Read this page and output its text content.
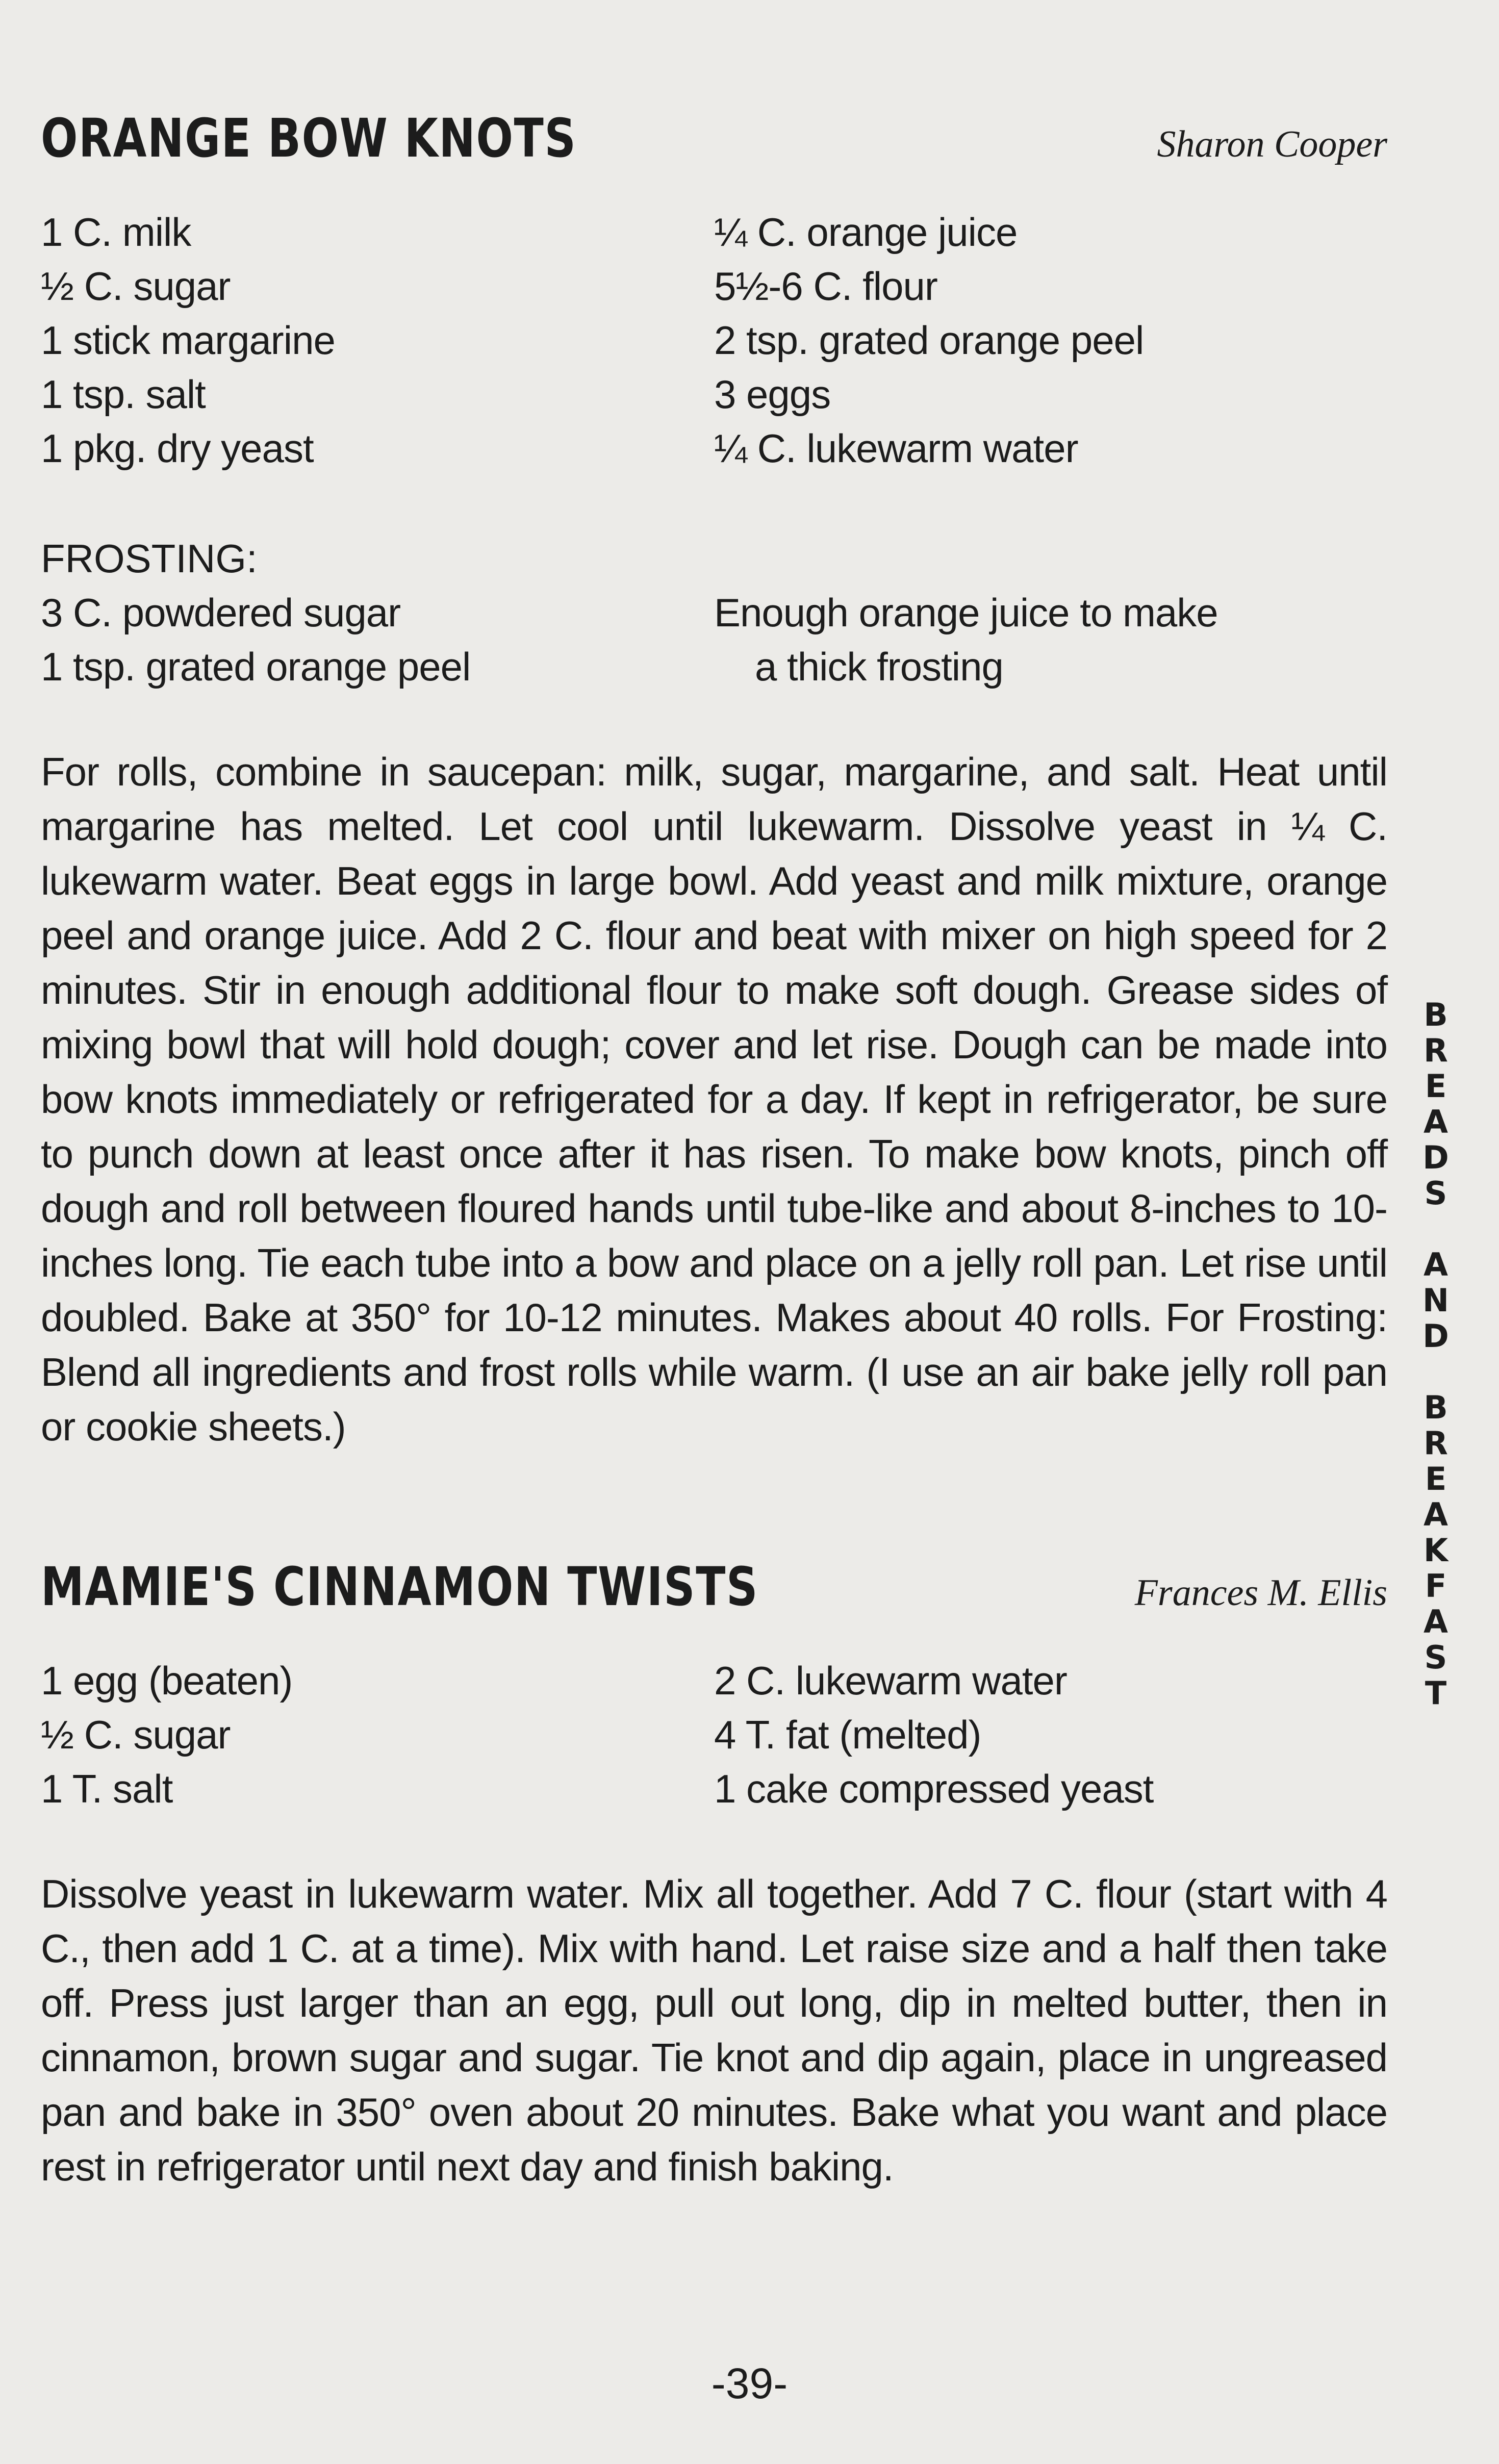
ORANGE BOW KNOTS	Sharon Cooper
1 C. milk
½ C. sugar
1 stick margarine
1 tsp. salt
1 pkg. dry yeast
¼ C. orange juice
5½-6 C. flour
2 tsp. grated orange peel
3 eggs
¼ C. lukewarm water
FROSTING:
3 C. powdered sugar
1 tsp. grated orange peel
Enough orange juice to make
a thick frosting
For rolls, combine in saucepan: milk, sugar, margarine, and salt. Heat until margarine has melted. Let cool until lukewarm. Dissolve yeast in ¼ C. lukewarm water. Beat eggs in large bowl. Add yeast and milk mixture, orange peel and orange juice. Add 2 C. flour and beat with mixer on high speed for 2 minutes. Stir in enough additional flour to make soft dough. Grease sides of mixing bowl that will hold dough; cover and let rise. Dough can be made into bow knots immediately or refrigerated for a day. If kept in refrigerator, be sure to punch down at least once after it has risen. To make bow knots, pinch off dough and roll between floured hands until tube-like and about 8-inches to 10-inches long. Tie each tube into a bow and place on a jelly roll pan. Let rise until doubled. Bake at 350° for 10-12 minutes. Makes about 40 rolls. For Frosting: Blend all ingredients and frost rolls while warm. (I use an air bake jelly roll pan or cookie sheets.)
MAMIE'S CINNAMON TWISTS	Frances M. Ellis
1 egg (beaten)
½ C. sugar
1 T. salt
2 C. lukewarm water
4 T. fat (melted)
1 cake compressed yeast
Dissolve yeast in lukewarm water. Mix all together. Add 7 C. flour (start with 4 C., then add 1 C. at a time). Mix with hand. Let raise size and a half then take off. Press just larger than an egg, pull out long, dip in melted butter, then in cinnamon, brown sugar and sugar. Tie knot and dip again, place in ungreased pan and bake in 350° oven about 20 minutes. Bake what you want and place rest in refrigerator until next day and finish baking.
B
R
E
A
D
S
A
N
D
B
R
E
A
K
F
A
S
T
-39-
